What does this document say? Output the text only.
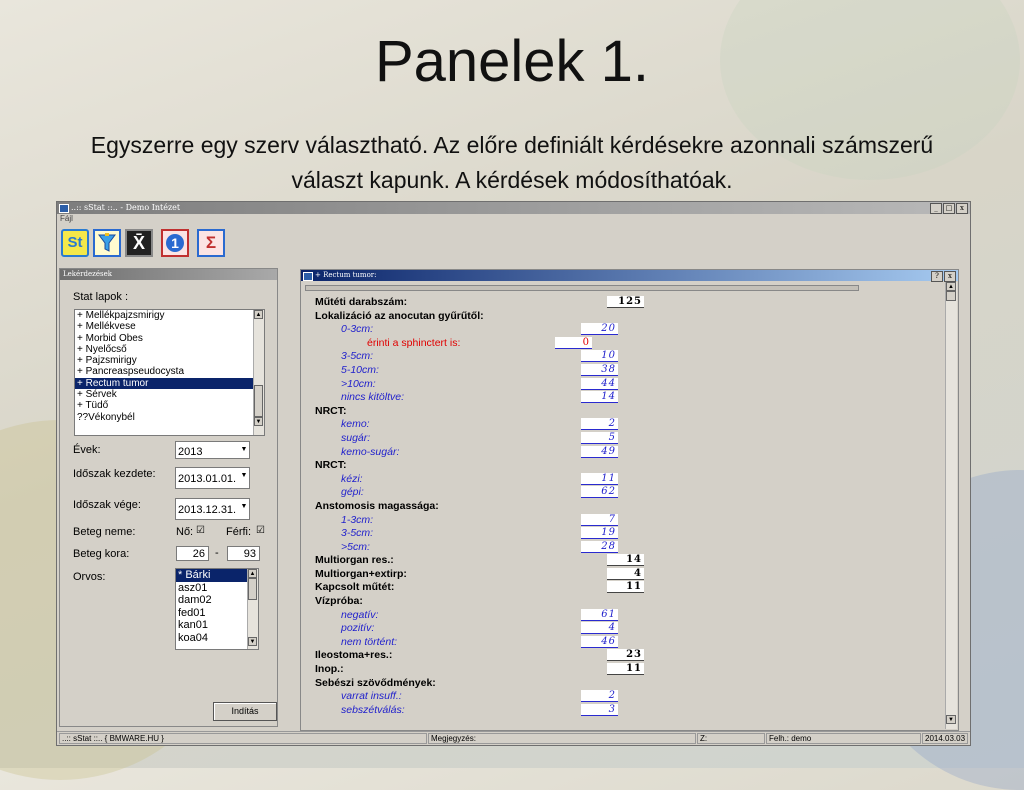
Panelek 1.
Egyszerre egy szerv választható. Az előre definiált kérdésekre azonnali számszerű választ kapunk. A kérdések módosíthatóak.
..:: sStat ::.. - Demo Intézet	_	□	x
Fájl
St	X̄	1	Σ
Lekérdezések
Stat lapok :
+ Mellékpajzsmirigy
+ Mellékvese
+ Morbid Obes
+ Nyelőcső
+ Pajzsmirigy
+ Pancreaspseudocysta
+ Rectum tumor
+ Sérvek
+ Tüdő
??Vékonybél
▲
▼
Évek:	2013	▼
Időszak kezdete: 2013.01.01. ▼
Időszak vége:	2013.12.31. ▼
Beteg neme:	Nő: ☑ Férfi: ☑
Beteg kora:	26 -	93
Orvos:	* Bárki
asz01
dam02
fed01
kan01
koa04
▲
▼
Indítás
+ Rectum tumor:	?	x
Műtéti darabszám:	125
Lokalizáció az anocutan gyűrűtől:
0-3cm:	20
érinti a sphinctert is:	0
3-5cm:	10
5-10cm:	38
>10cm:	44
nincs kitöltve:	14
NRCT:
kemo:	2
sugár:	5
kemo-sugár:	49
NRCT:
kézi:	11
gépi:	62
Anstomosis magassága:
1-3cm:	7
3-5cm:	19
>5cm:	28
Multiorgan res.:	14
Multiorgan+extirp:	4
Kapcsolt műtét:	11
Vízpróba:
negatív:	61
pozitív:	4
nem történt:	46
Ileostoma+res.:	23
Inop.:	11
Sebészi szövődmények:
varrat insuff.:	2
sebszétválás:	3
▲
▼
..:: sStat ::.. { BMWARE.HU }	Megjegyzés:	Z:	Felh.: demo	2014.03.03
